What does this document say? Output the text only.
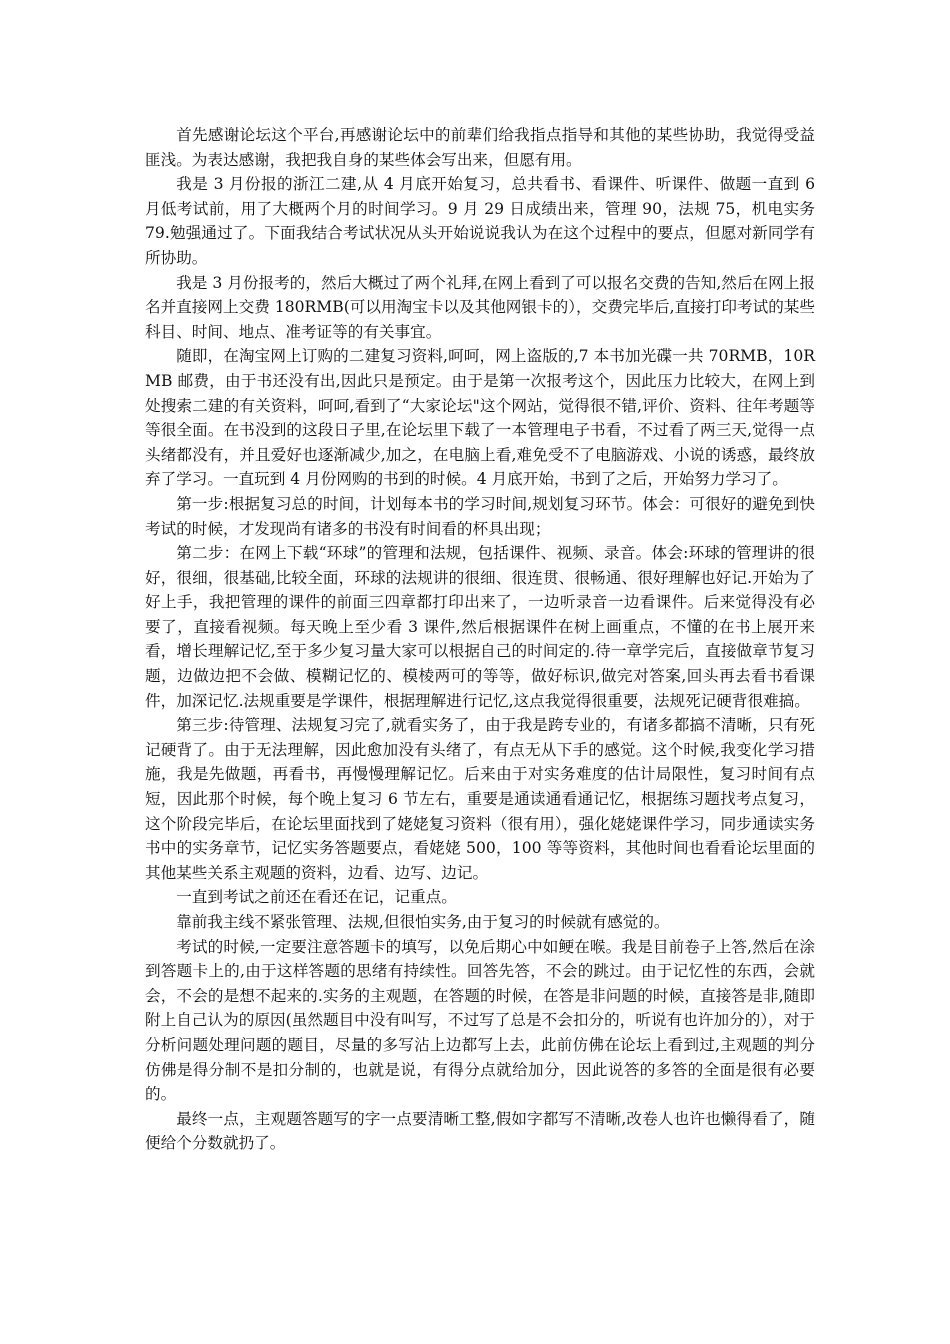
首先感谢论坛这个平台,再感谢论坛中的前辈们给我指点指导和其他的某些协助，我觉得受益匪浅。为表达感谢，我把我自身的某些体会写出来，但愿有用。

我是 3 月份报的浙江二建,从 4 月底开始复习，总共看书、看课件、听课件、做题一直到 6 月低考试前，用了大概两个月的时间学习。9 月 29 日成绩出来，管理 90，法规 75，机电实务 79.勉强通过了。下面我结合考试状况从头开始说说我认为在这个过程中的要点，但愿对新同学有所协助。

我是 3 月份报考的，然后大概过了两个礼拜,在网上看到了可以报名交费的告知,然后在网上报名并直接网上交费 180RMB(可以用淘宝卡以及其他网银卡的），交费完毕后,直接打印考试的某些科目、时间、地点、准考证等的有关事宜。

随即，在淘宝网上订购的二建复习资料,呵呵，网上盗版的,7 本书加光碟一共 70RMB，10RMB 邮费，由于书还没有出,因此只是预定。由于是第一次报考这个，因此压力比较大，在网上到处搜索二建的有关资料，呵呵,看到了“大家论坛"这个网站，觉得很不错,评价、资料、往年考题等等很全面。在书没到的这段日子里,在论坛里下载了一本管理电子书看，不过看了两三天,觉得一点头绪都没有，并且爱好也逐渐减少,加之，在电脑上看,难免受不了电脑游戏、小说的诱惑，最终放弃了学习。一直玩到 4 月份网购的书到的时候。4 月底开始，书到了之后，开始努力学习了。

第一步:根据复习总的时间，计划每本书的学习时间,规划复习环节。体会：可很好的避免到快考试的时候，才发现尚有诸多的书没有时间看的杯具出现；

第二步：在网上下载“环球”的管理和法规，包括课件、视频、录音。体会:环球的管理讲的很好，很细，很基础,比较全面，环球的法规讲的很细、很连贯、很畅通、很好理解也好记.开始为了好上手，我把管理的课件的前面三四章都打印出来了，一边听录音一边看课件。后来觉得没有必要了，直接看视频。每天晚上至少看 3 课件,然后根据课件在树上画重点，不懂的在书上展开来看，增长理解记忆,至于多少复习量大家可以根据自己的时间定的.待一章学完后，直接做章节复习题，边做边把不会做、模糊记忆的、模棱两可的等等，做好标识,做完对答案,回头再去看书看课件，加深记忆.法规重要是学课件，根据理解进行记忆,这点我觉得很重要，法规死记硬背很难搞。

第三步:待管理、法规复习完了,就看实务了，由于我是跨专业的，有诸多都搞不清晰，只有死记硬背了。由于无法理解，因此愈加没有头绪了，有点无从下手的感觉。这个时候,我变化学习措施，我是先做题，再看书，再慢慢理解记忆。后来由于对实务难度的估计局限性，复习时间有点短，因此那个时候，每个晚上复习 6 节左右，重要是通读通看通记忆，根据练习题找考点复习，这个阶段完毕后，在论坛里面找到了姥姥复习资料（很有用），强化姥姥课件学习，同步通读实务书中的实务章节，记忆实务答题要点，看姥姥 500，100 等等资料，其他时间也看看论坛里面的其他某些关系主观题的资料，边看、边写、边记。

一直到考试之前还在看还在记，记重点。

靠前我主线不紧张管理、法规,但很怕实务,由于复习的时候就有感觉的。

考试的时候,一定要注意答题卡的填写，以免后期心中如鲠在喉。我是目前卷子上答,然后在涂到答题卡上的,由于这样答题的思绪有持续性。回答先答，不会的跳过。由于记忆性的东西，会就会，不会的是想不起来的.实务的主观题，在答题的时候，在答是非问题的时候，直接答是非,随即附上自己认为的原因(虽然题目中没有叫写，不过写了总是不会扣分的，听说有也许加分的），对于分析问题处理问题的题目，尽量的多写沾上边都写上去，此前仿佛在论坛上看到过,主观题的判分仿佛是得分制不是扣分制的，也就是说，有得分点就给加分，因此说答的多答的全面是很有必要的。

最终一点，主观题答题写的字一点要清晰工整,假如字都写不清晰,改卷人也许也懒得看了，随便给个分数就扔了。
